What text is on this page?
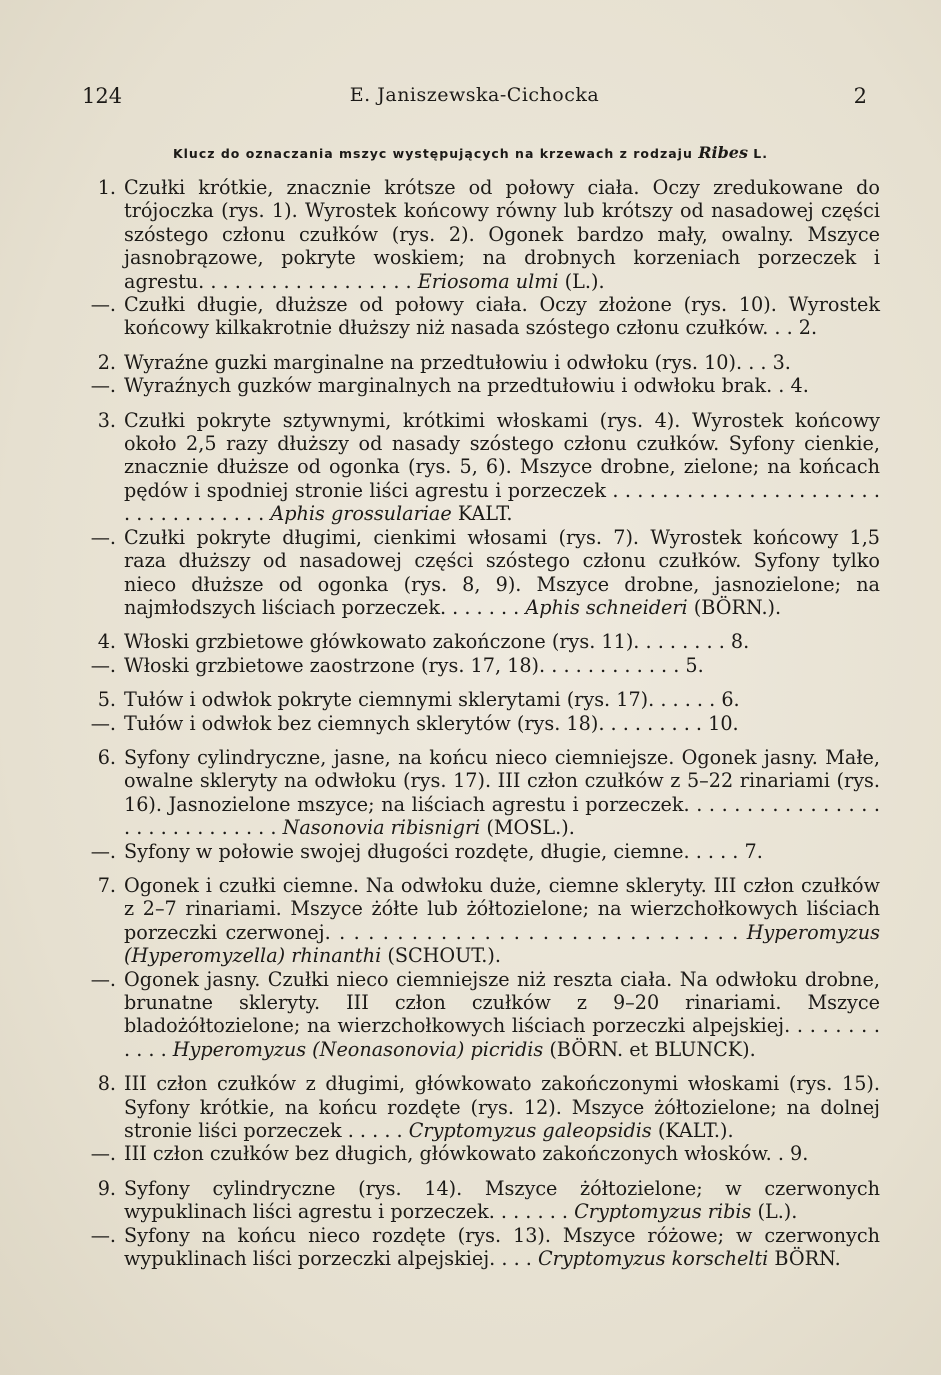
124	E. Janiszewska-Cichocka	2
Klucz do oznaczania mszyc występujących na krzewach z rodzaju Ribes L.
1. Czułki krótkie, znacznie krótsze od połowy ciała. Oczy zredukowane do trójoczka (rys. 1). Wyrostek końcowy równy lub krótszy od nasadowej części szóstego członu czułków (rys. 2). Ogonek bardzo mały, owalny. Mszyce jasnobrązowe, pokryte woskiem; na drobnych korzeniach porzeczek i agrestu. . . . . . . . . . . . . . . . . . Eriosoma ulmi (L.).
—. Czułki długie, dłuższe od połowy ciała. Oczy złożone (rys. 10). Wyrostek końcowy kilkakrotnie dłuższy niż nasada szóstego członu czułków. . . 2.
2. Wyraźne guzki marginalne na przedtułowiu i odwłoku (rys. 10). . . 3.
—. Wyraźnych guzków marginalnych na przedtułowiu i odwłoku brak. . 4.
3. Czułki pokryte sztywnymi, krótkimi włoskami (rys. 4). Wyrostek końcowy około 2,5 razy dłuższy od nasady szóstego członu czułków. Syfony cienkie, znacznie dłuższe od ogonka (rys. 5, 6). Mszyce drobne, zielone; na końcach pędów i spodniej stronie liści agrestu i porzeczek . . . . . . . . . . . . . . . . . . . . . . . . . . . . . . . . . . Aphis grossulariae KALT.
—. Czułki pokryte długimi, cienkimi włosami (rys. 7). Wyrostek końcowy 1,5 raza dłuższy od nasadowej części szóstego członu czułków. Syfony tylko nieco dłuższe od ogonka (rys. 8, 9). Mszyce drobne, jasnozielone; na najmłodszych liściach porzeczek. . . . . . . Aphis schneideri (BÖRN.).
4. Włoski grzbietowe główkowato zakończone (rys. 11). . . . . . . . 8.
—. Włoski grzbietowe zaostrzone (rys. 17, 18). . . . . . . . . . . . 5.
5. Tułów i odwłok pokryte ciemnymi sklerytami (rys. 17). . . . . . 6.
—. Tułów i odwłok bez ciemnych sklerytów (rys. 18). . . . . . . . . 10.
6. Syfony cylindryczne, jasne, na końcu nieco ciemniejsze. Ogonek jasny. Małe, owalne skleryty na odwłoku (rys. 17). III człon czułków z 5–22 rinariami (rys. 16). Jasnozielone mszyce; na liściach agrestu i porzeczek. . . . . . . . . . . . . . . . . . . . . . . . . . . . . Nasonovia ribisnigri (MOSL.).
—. Syfony w połowie swojej długości rozdęte, długie, ciemne. . . . . 7.
7. Ogonek i czułki ciemne. Na odwłoku duże, ciemne skleryty. III człon czułków z 2–7 rinariami. Mszyce żółte lub żółtozielone; na wierzchołkowych liściach porzeczki czerwonej. . . . . . . . . . . . . . . . . . . . . . . . . . . . . Hyperomyzus (Hyperomyzella) rhinanthi (SCHOUT.).
—. Ogonek jasny. Czułki nieco ciemniejsze niż reszta ciała. Na odwłoku drobne, brunatne skleryty. III człon czułków z 9–20 rinariami. Mszyce bladożółtozielone; na wierzchołkowych liściach porzeczki alpejskiej. . . . . . . . . . . . Hyperomyzus (Neonasonovia) picridis (BÖRN. et BLUNCK).
8. III człon czułków z długimi, główkowato zakończonymi włoskami (rys. 15). Syfony krótkie, na końcu rozdęte (rys. 12). Mszyce żółtozielone; na dolnej stronie liści porzeczek . . . . . Cryptomyzus galeopsidis (KALT.).
—. III człon czułków bez długich, główkowato zakończonych włosków. . 9.
9. Syfony cylindryczne (rys. 14). Mszyce żółtozielone; w czerwonych wypuklinach liści agrestu i porzeczek. . . . . . . Cryptomyzus ribis (L.).
—. Syfony na końcu nieco rozdęte (rys. 13). Mszyce różowe; w czerwonych wypuklinach liści porzeczki alpejskiej. . . . Cryptomyzus korschelti BÖRN.
